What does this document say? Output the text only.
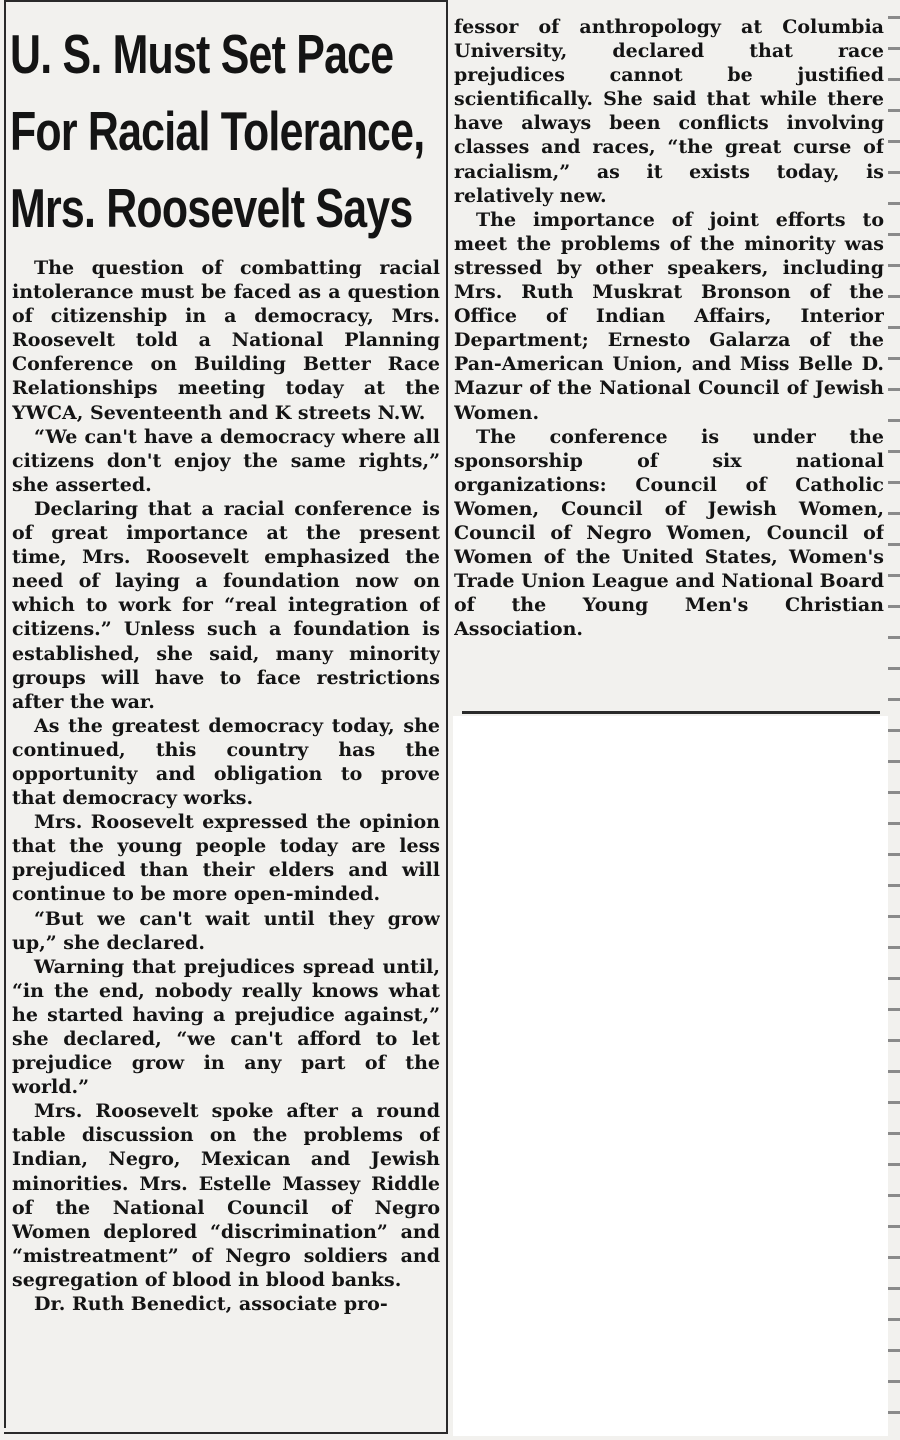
U. S. Must Set Pace
For Racial Tolerance,
Mrs. Roosevelt Says

The question of combatting racial intolerance must be faced as a question of citizenship in a democracy, Mrs. Roosevelt told a National Planning Conference on Building Better Race Relationships meeting today at the YWCA, Seventeenth and K streets N.W.

“We can't have a democracy where all citizens don't enjoy the same rights,” she asserted.

Declaring that a racial conference is of great importance at the present time, Mrs. Roosevelt emphasized the need of laying a foundation now on which to work for “real integration of citizens.” Unless such a foundation is established, she said, many minority groups will have to face restrictions after the war.

As the greatest democracy today, she continued, this country has the opportunity and obligation to prove that democracy works.

Mrs. Roosevelt expressed the opinion that the young people today are less prejudiced than their elders and will continue to be more open-minded.

“But we can't wait until they grow up,” she declared.

Warning that prejudices spread until, “in the end, nobody really knows what he started having a prejudice against,” she declared, “we can't afford to let prejudice grow in any part of the world.”

Mrs. Roosevelt spoke after a round table discussion on the problems of Indian, Negro, Mexican and Jewish minorities. Mrs. Estelle Massey Riddle of the National Council of Negro Women deplored “discrimination” and “mistreatment” of Negro soldiers and segregation of blood in blood banks.

Dr. Ruth Benedict, associate pro-

fessor of anthropology at Columbia University, declared that race prejudices cannot be justified scientifically. She said that while there have always been conflicts involving classes and races, “the great curse of racialism,” as it exists today, is relatively new.

The importance of joint efforts to meet the problems of the minority was stressed by other speakers, including Mrs. Ruth Muskrat Bronson of the Office of Indian Affairs, Interior Department; Ernesto Galarza of the Pan-American Union, and Miss Belle D. Mazur of the National Council of Jewish Women.

The conference is under the sponsorship of six national organizations: Council of Catholic Women, Council of Jewish Women, Council of Negro Women, Council of Women of the United States, Women's Trade Union League and National Board of the Young Men's Christian Association.
